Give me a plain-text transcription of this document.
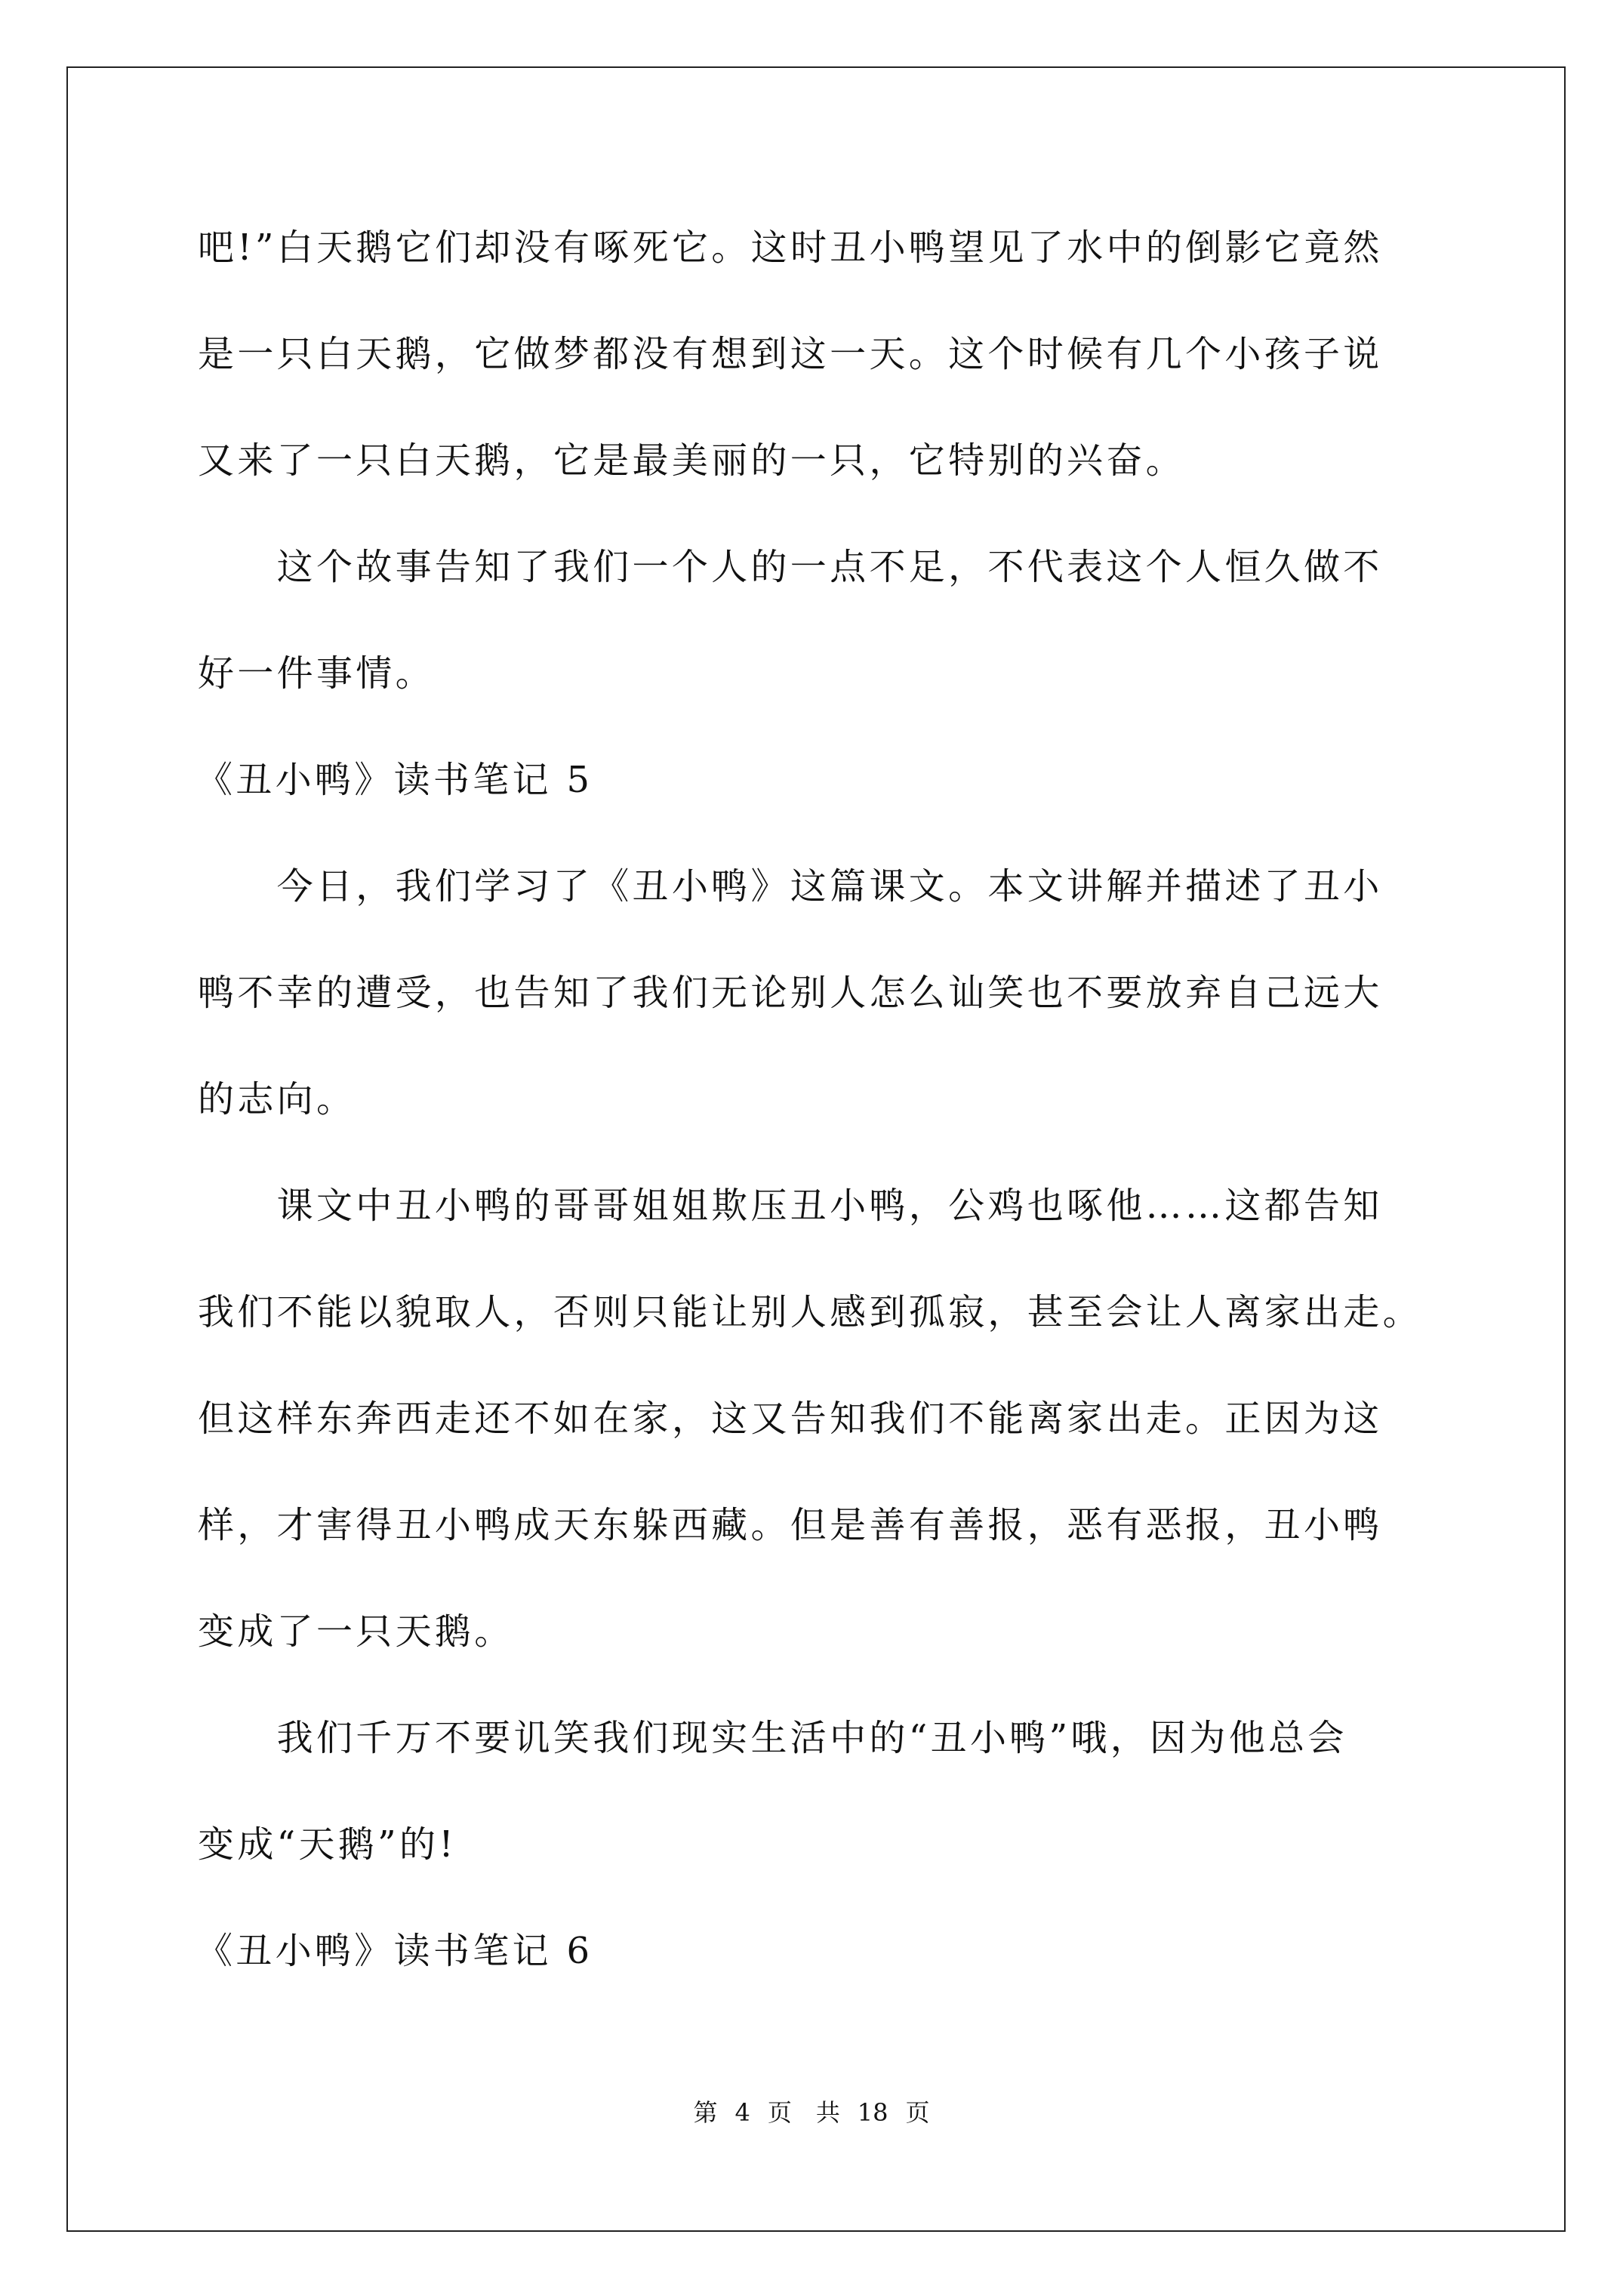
吧!”白天鹅它们却没有啄死它。这时丑小鸭望见了水中的倒影它竟然
是一只白天鹅，它做梦都没有想到这一天。这个时候有几个小孩子说
又来了一只白天鹅，它是最美丽的一只，它特别的兴奋。
　　这个故事告知了我们一个人的一点不足，不代表这个人恒久做不
好一件事情。
《丑小鸭》读书笔记 5
　　今日，我们学习了《丑小鸭》这篇课文。本文讲解并描述了丑小
鸭不幸的遭受，也告知了我们无论别人怎么讪笑也不要放弃自己远大
的志向。
　　课文中丑小鸭的哥哥姐姐欺压丑小鸭，公鸡也啄他……这都告知
我们不能以貌取人，否则只能让别人感到孤寂，甚至会让人离家出走。
但这样东奔西走还不如在家，这又告知我们不能离家出走。正因为这
样，才害得丑小鸭成天东躲西藏。但是善有善报，恶有恶报，丑小鸭
变成了一只天鹅。
　　我们千万不要讥笑我们现实生活中的“丑小鸭”哦，因为他总会
变成“天鹅”的!
《丑小鸭》读书笔记 6
第 4 页　共 18 页
